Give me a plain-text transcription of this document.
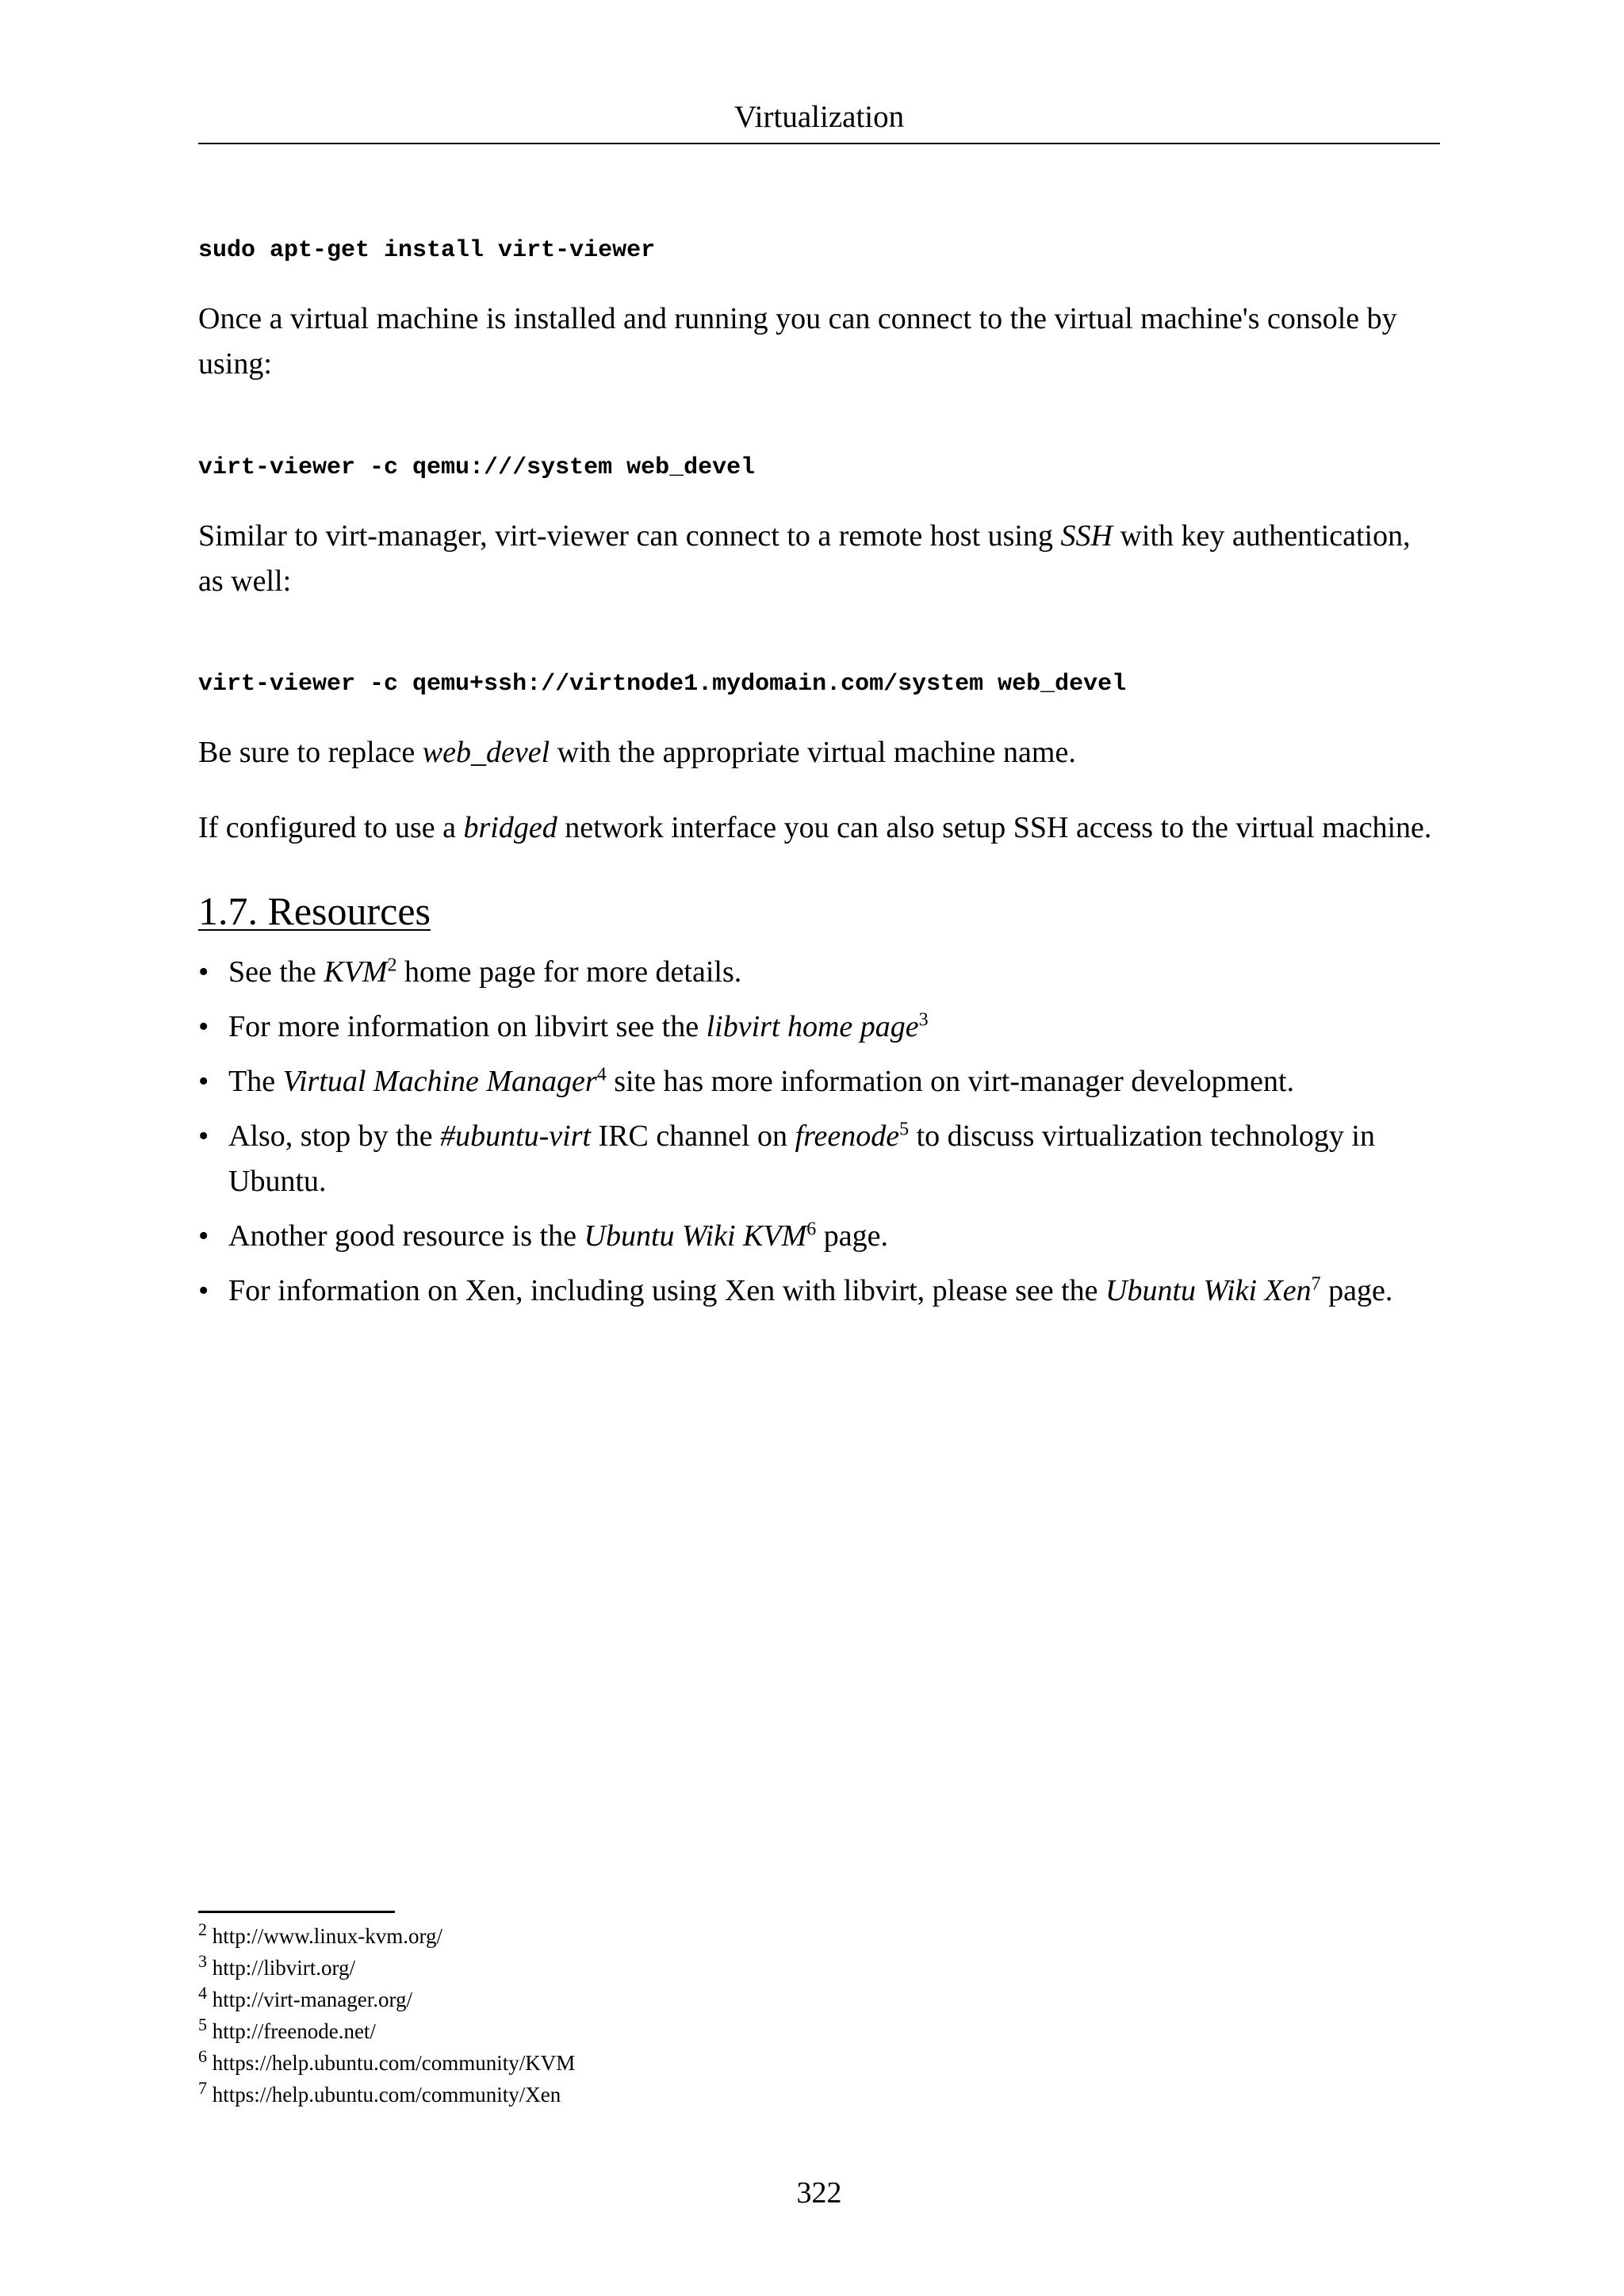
Virtualization
sudo apt-get install virt-viewer
Once a virtual machine is installed and running you can connect to the virtual machine's console by using:
virt-viewer -c qemu:///system web_devel
Similar to virt-manager, virt-viewer can connect to a remote host using SSH with key authentication, as well:
virt-viewer -c qemu+ssh://virtnode1.mydomain.com/system web_devel
Be sure to replace web_devel with the appropriate virtual machine name.
If configured to use a bridged network interface you can also setup SSH access to the virtual machine.
1.7. Resources
• See the KVM$^2$ home page for more details.
• For more information on libvirt see the libvirt home page$^3$
• The Virtual Machine Manager$^4$ site has more information on virt-manager development.
• Also, stop by the #ubuntu-virt IRC channel on freenode$^5$ to discuss virtualization technology in Ubuntu.
• Another good resource is the Ubuntu Wiki KVM$^6$ page.
• For information on Xen, including using Xen with libvirt, please see the Ubuntu Wiki Xen$^7$ page.
$^2$ http://www.linux-kvm.org/
$^3$ http://libvirt.org/
$^4$ http://virt-manager.org/
$^5$ http://freenode.net/
$^6$ https://help.ubuntu.com/community/KVM
$^7$ https://help.ubuntu.com/community/Xen
322
